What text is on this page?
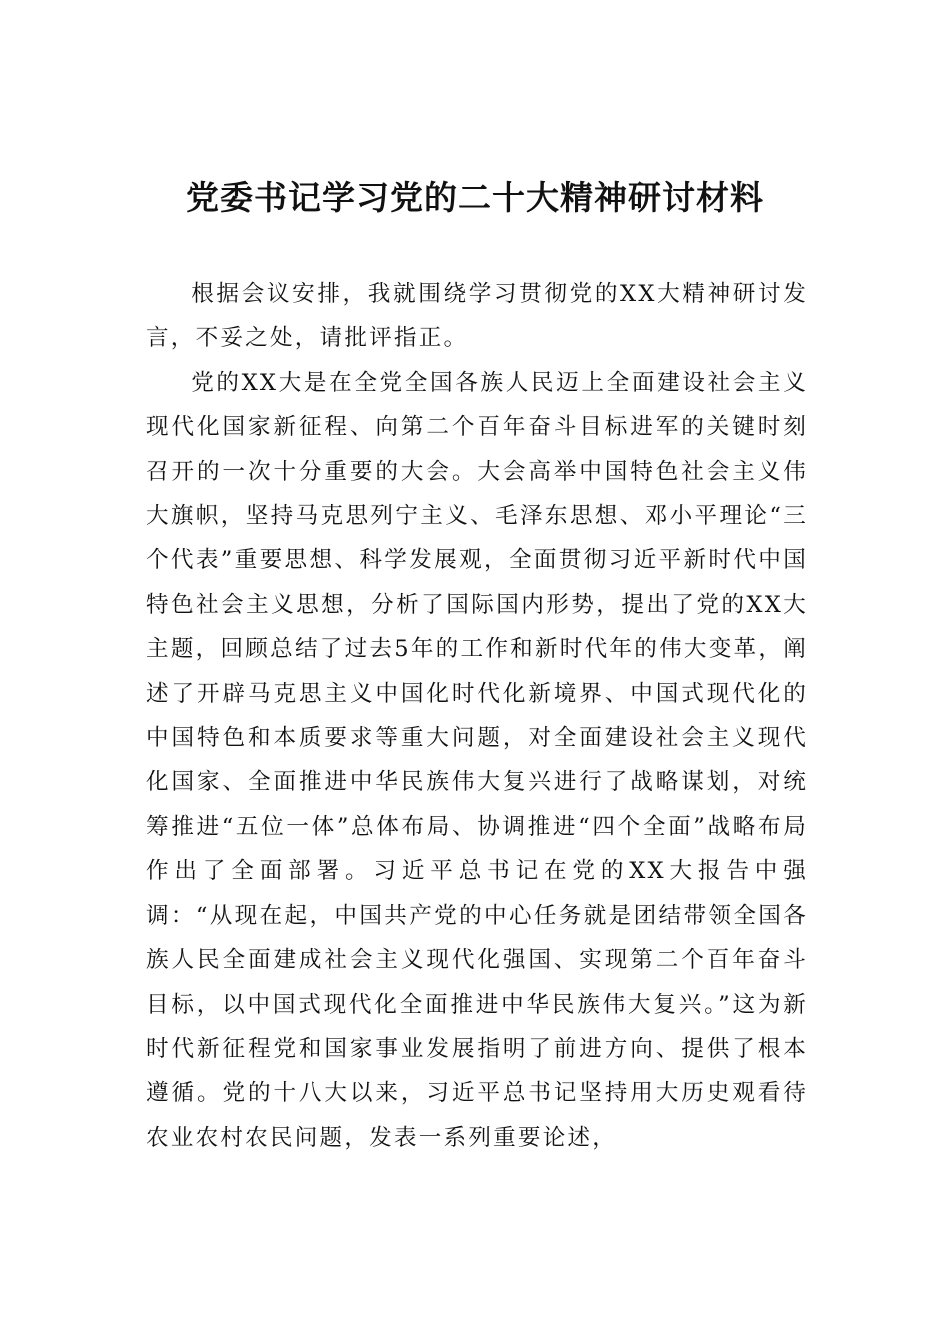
党委书记学习党的二十大精神研讨材料

根据会议安排，我就围绕学习贯彻党的XX大精神研讨发言，不妥之处，请批评指正。

党的XX大是在全党全国各族人民迈上全面建设社会主义现代化国家新征程、向第二个百年奋斗目标进军的关键时刻召开的一次十分重要的大会。大会高举中国特色社会主义伟大旗帜，坚持马克思列宁主义、毛泽东思想、邓小平理论“三个代表”重要思想、科学发展观，全面贯彻习近平新时代中国特色社会主义思想，分析了国际国内形势，提出了党的XX大主题，回顾总结了过去5年的工作和新时代年的伟大变革，阐述了开辟马克思主义中国化时代化新境界、中国式现代化的中国特色和本质要求等重大问题，对全面建设社会主义现代化国家、全面推进中华民族伟大复兴进行了战略谋划，对统筹推进“五位一体”总体布局、协调推进“四个全面”战略布局作出了全面部署。习近平总书记在党的XX大报告中强调：“从现在起，中国共产党的中心任务就是团结带领全国各族人民全面建成社会主义现代化强国、实现第二个百年奋斗目标，以中国式现代化全面推进中华民族伟大复兴。”这为新时代新征程党和国家事业发展指明了前进方向、提供了根本遵循。党的十八大以来，习近平总书记坚持用大历史观看待农业农村农民问题，发表一系列重要论述，
